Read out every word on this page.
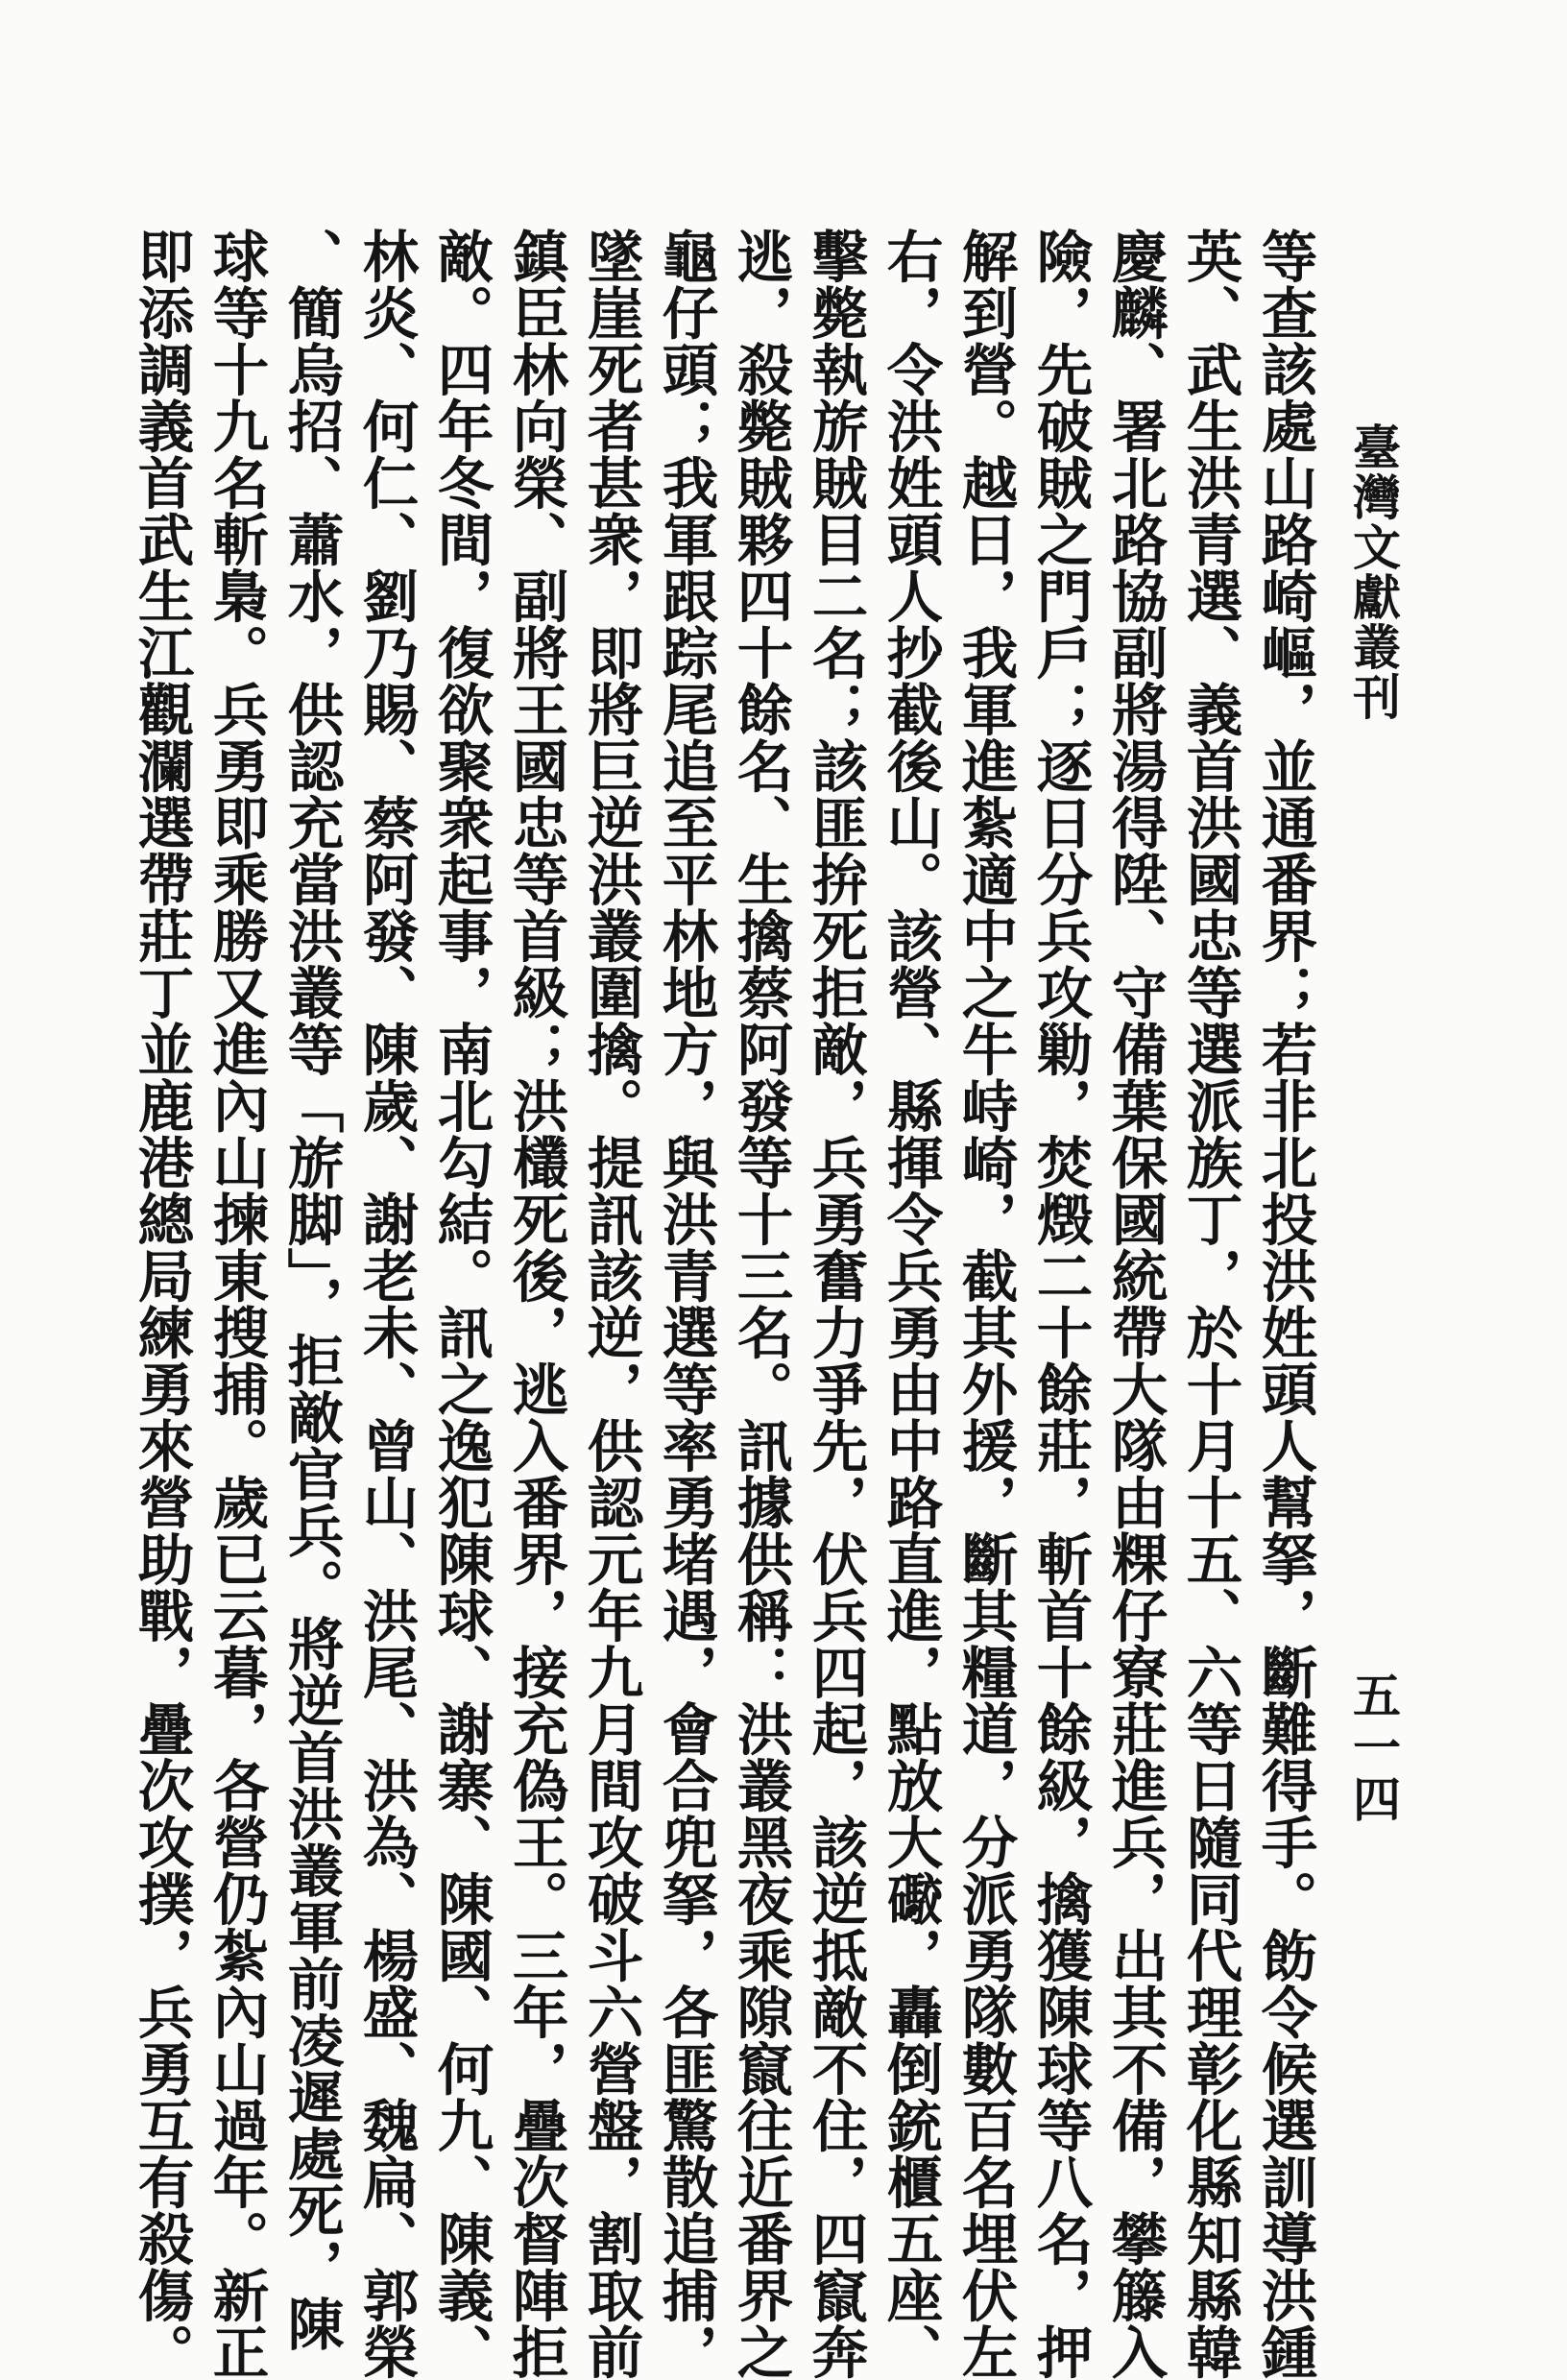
臺灣文獻叢刊
五一四
等查該處山路崎嶇，並通番界；若非北投洪姓頭人幫拏，斷難得手。飭令候選訓導洪鍾
英、武生洪青選、義首洪國忠等選派族丁，於十月十五、六等日隨同代理彰化縣知縣韓
慶麟、署北路協副將湯得陞、守備葉保國統帶大隊由粿仔寮莊進兵，出其不備，攀籐入
險，先破賊之門戶；逐日分兵攻勦，焚燬二十餘莊，斬首十餘級，擒獲陳球等八名，押
解到營。越日，我軍進紮適中之牛峙崎，截其外援，斷其糧道，分派勇隊數百名埋伏左
右，令洪姓頭人抄截後山。該營、縣揮令兵勇由中路直進，點放大礮，轟倒銃櫃五座、
擊斃執旂賊目二名；該匪拚死拒敵，兵勇奮力爭先，伏兵四起，該逆抵敵不住，四竄奔
逃，殺斃賊夥四十餘名、生擒蔡阿發等十三名。訊據供稱：洪叢黑夜乘隙竄往近番界之
龜仔頭；我軍跟踪尾追至平林地方，與洪青選等率勇堵遇，會合兜拏，各匪驚散追捕，
墜崖死者甚衆，即將巨逆洪叢圍擒。提訊該逆，供認元年九月間攻破斗六營盤，割取前
鎮臣林向榮、副將王國忠等首級；洪欉死後，逃入番界，接充偽王。三年，疊次督陣拒
敵。四年冬間，復欲聚衆起事，南北勾結。訊之逸犯陳球、謝寨、陳國、何九、陳義、
林炎、何仁、劉乃賜、蔡阿發、陳歲、謝老未、曾山、洪尾、洪為、楊盛、魏扁、郭榮
、簡烏招、蕭水，供認充當洪叢等「旂脚」，拒敵官兵。將逆首洪叢軍前凌遲處死，陳
球等十九名斬梟。兵勇即乘勝又進內山揀東搜捕。歲已云暮，各營仍紮內山過年。新正
即添調義首武生江觀瀾選帶莊丁並鹿港總局練勇來營助戰，疊次攻撲，兵勇互有殺傷。
